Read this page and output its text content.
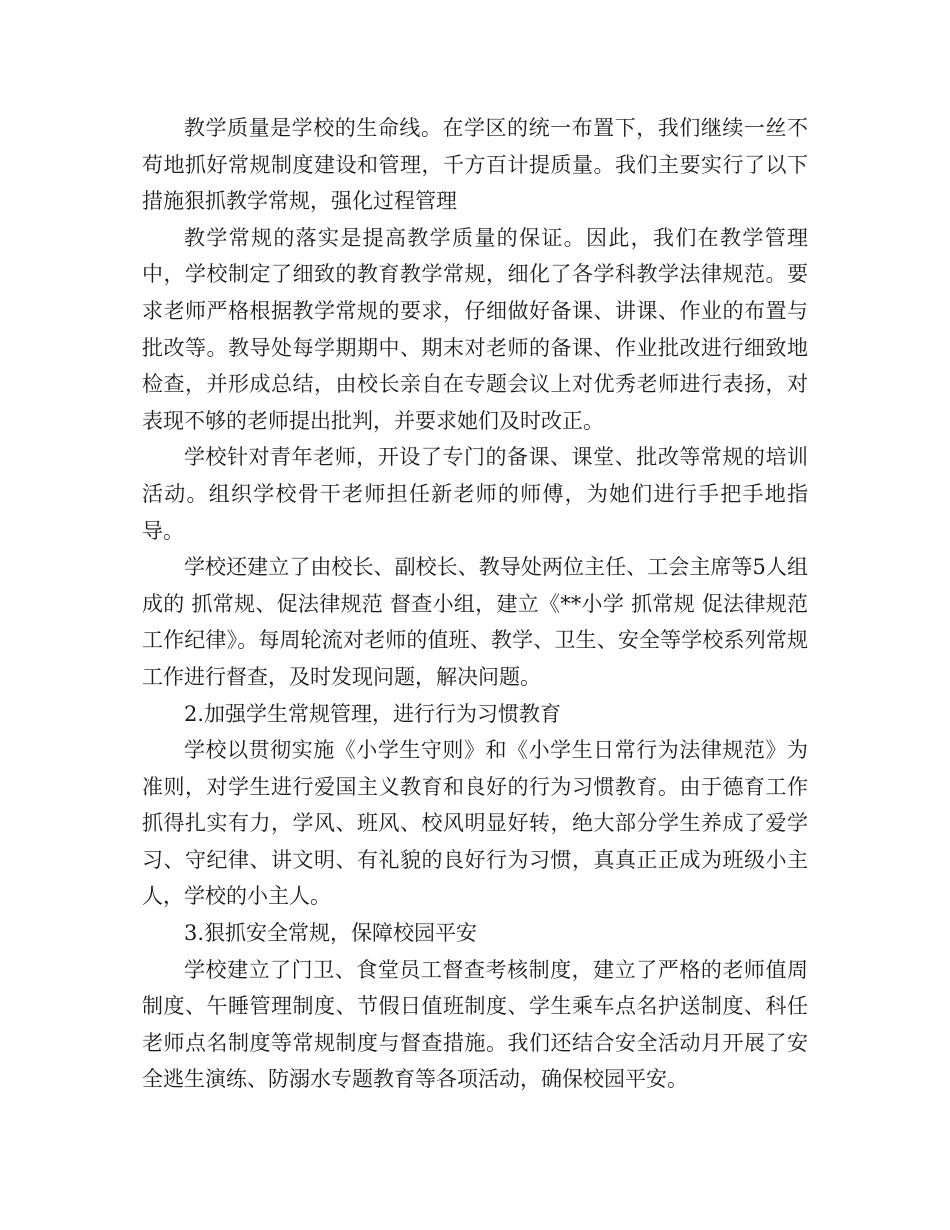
教学质量是学校的生命线。在学区的统一布置下，我们继续一丝不苟地抓好常规制度建设和管理，千方百计提质量。我们主要实行了以下措施狠抓教学常规，强化过程管理

教学常规的落实是提高教学质量的保证。因此，我们在教学管理中，学校制定了细致的教育教学常规，细化了各学科教学法律规范。要求老师严格根据教学常规的要求，仔细做好备课、讲课、作业的布置与批改等。教导处每学期期中、期末对老师的备课、作业批改进行细致地检查，并形成总结，由校长亲自在专题会议上对优秀老师进行表扬，对表现不够的老师提出批判，并要求她们及时改正。

学校针对青年老师，开设了专门的备课、课堂、批改等常规的培训活动。组织学校骨干老师担任新老师的师傅，为她们进行手把手地指导。

学校还建立了由校长、副校长、教导处两位主任、工会主席等5人组成的 抓常规、促法律规范 督查小组，建立《**小学 抓常规 促法律规范 工作纪律》。每周轮流对老师的值班、教学、卫生、安全等学校系列常规工作进行督查，及时发现问题，解决问题。

2.加强学生常规管理，进行行为习惯教育

学校以贯彻实施《小学生守则》和《小学生日常行为法律规范》为准则，对学生进行爱国主义教育和良好的行为习惯教育。由于德育工作抓得扎实有力，学风、班风、校风明显好转，绝大部分学生养成了爱学习、守纪律、讲文明、有礼貌的良好行为习惯，真真正正成为班级小主人，学校的小主人。

3.狠抓安全常规，保障校园平安

学校建立了门卫、食堂员工督查考核制度，建立了严格的老师值周制度、午睡管理制度、节假日值班制度、学生乘车点名护送制度、科任老师点名制度等常规制度与督查措施。我们还结合安全活动月开展了安全逃生演练、防溺水专题教育等各项活动，确保校园平安。
